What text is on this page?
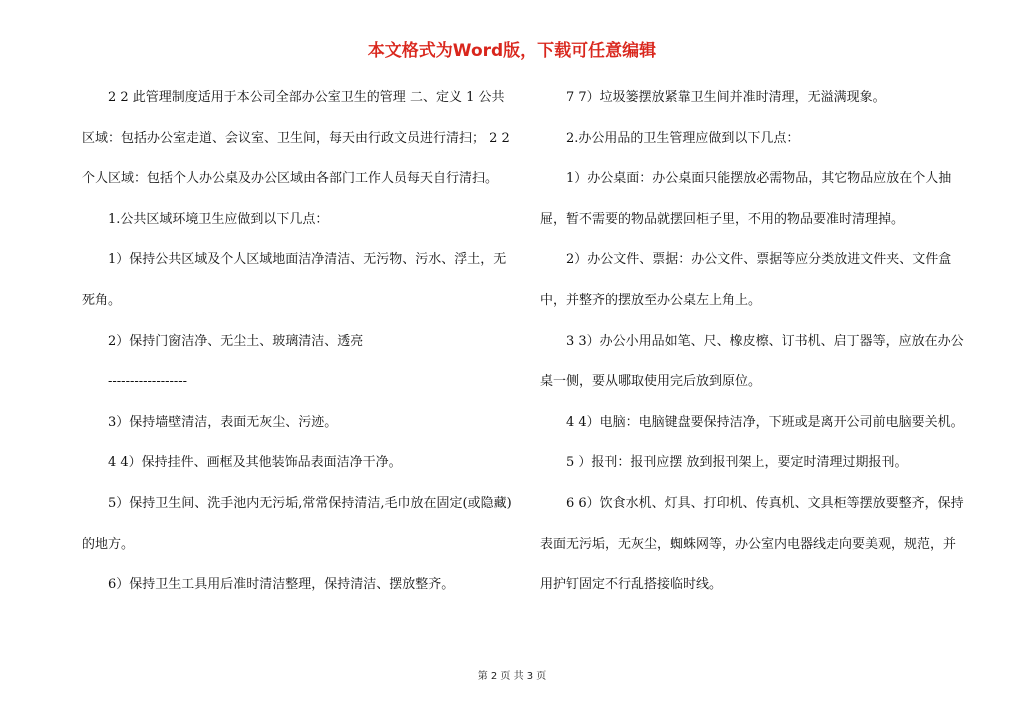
本文格式为Word版，下载可任意编辑

2 2 此管理制度适用于本公司全部办公室卫生的管理 二、定义 1 公共区域：包括办公室走道、会议室、卫生间，每天由行政文员进行清扫； 2 2 个人区域：包括个人办公桌及办公区域由各部门工作人员每天自行清扫。

1.公共区域环境卫生应做到以下几点：

1）保持公共区域及个人区域地面洁净清洁、无污物、污水、浮土，无死角。

2）保持门窗洁净、无尘土、玻璃清洁、透亮

------------------

3）保持墙壁清洁，表面无灰尘、污迹。

4 4）保持挂件、画框及其他装饰品表面洁净干净。

5）保持卫生间、洗手池内无污垢,常常保持清洁,毛巾放在固定(或隐藏)的地方。

6）保持卫生工具用后准时清洁整理，保持清洁、摆放整齐。

7 7）垃圾篓摆放紧靠卫生间并准时清理，无溢满现象。

2.办公用品的卫生管理应做到以下几点：

1）办公桌面：办公桌面只能摆放必需物品，其它物品应放在个人抽屉，暂不需要的物品就摆回柜子里，不用的物品要准时清理掉。

2）办公文件、票据：办公文件、票据等应分类放进文件夹、文件盒中，并整齐的摆放至办公桌左上角上。

3 3）办公小用品如笔、尺、橡皮檫、订书机、启丁器等，应放在办公桌一侧，要从哪取使用完后放到原位。

4 4）电脑：电脑键盘要保持洁净，下班或是离开公司前电脑要关机。

5 ）报刊：报刊应摆 放到报刊架上，要定时清理过期报刊。

6 6）饮食水机、灯具、打印机、传真机、文具柜等摆放要整齐，保持表面无污垢，无灰尘，蜘蛛网等，办公室内电器线走向要美观，规范，并用护钉固定不行乱搭接临时线。

第 2 页 共 3 页
